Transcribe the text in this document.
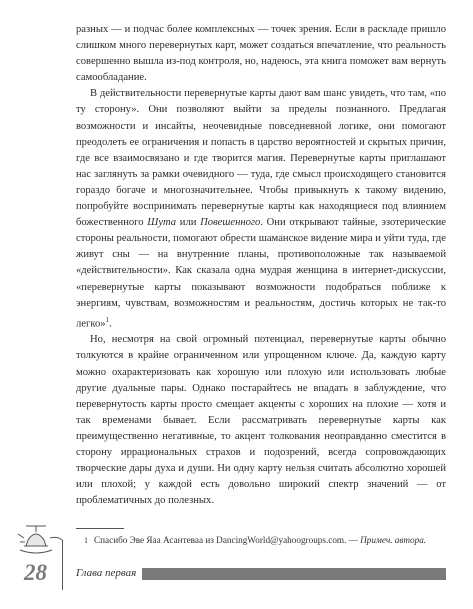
разных — и подчас более комплексных — точек зрения. Если в раскладе пришло слишком много перевернутых карт, может создаться впечатление, что реальность совершенно вышла из-под контроля, но, надеюсь, эта книга поможет вам вернуть самообладание.

В действительности перевернутые карты дают вам шанс увидеть, что там, «по ту сторону». Они позволяют выйти за пределы познанного. Предлагая возможности и инсайты, неочевидные повседневной логике, они помогают преодолеть ее ограничения и попасть в царство вероятностей и скрытых причин, где все взаимосвязано и где творится магия. Перевернутые карты приглашают нас заглянуть за рамки очевидного — туда, где смысл происходящего становится гораздо богаче и многозначительнее. Чтобы привыкнуть к такому видению, попробуйте воспринимать перевернутые карты как находящиеся под влиянием божественного Шута или Повешенного. Они открывают тайные, эзотерические стороны реальности, помогают обрести шаманское видение мира и уйти туда, где живут сны — на внутренние планы, противоположные так называемой «действительности». Как сказала одна мудрая женщина в интернет-дискуссии, «перевернутые карты показывают возможности подобраться поближе к энергиям, чувствам, возможностям и реальностям, достичь которых не так-то легко»$^1$.

Но, несмотря на свой огромный потенциал, перевернутые карты обычно толкуются в крайне ограниченном или упрощенном ключе. Да, каждую карту можно охарактеризовать как хорошую или плохую или использовать любые другие дуальные пары. Однако постарайтесь не впадать в заблуждение, что перевернутость карты просто смещает акценты с хороших на плохие — хотя и так временами бывает. Если рассматривать перевернутые карты как преимущественно негативные, то акцент толкования неоправданно сместится в сторону иррациональных страхов и подозрений, всегда сопровождающих творческие дары духа и души. Ни одну карту нельзя считать абсолютно хорошей или плохой; у каждой есть довольно широкий спектр значений — от проблематичных до полезных.

1 Спасибо Эве Яаа Асантеваа из DancingWorld@yahoogroups.com. — Примеч. автора.
28	Глава первая
